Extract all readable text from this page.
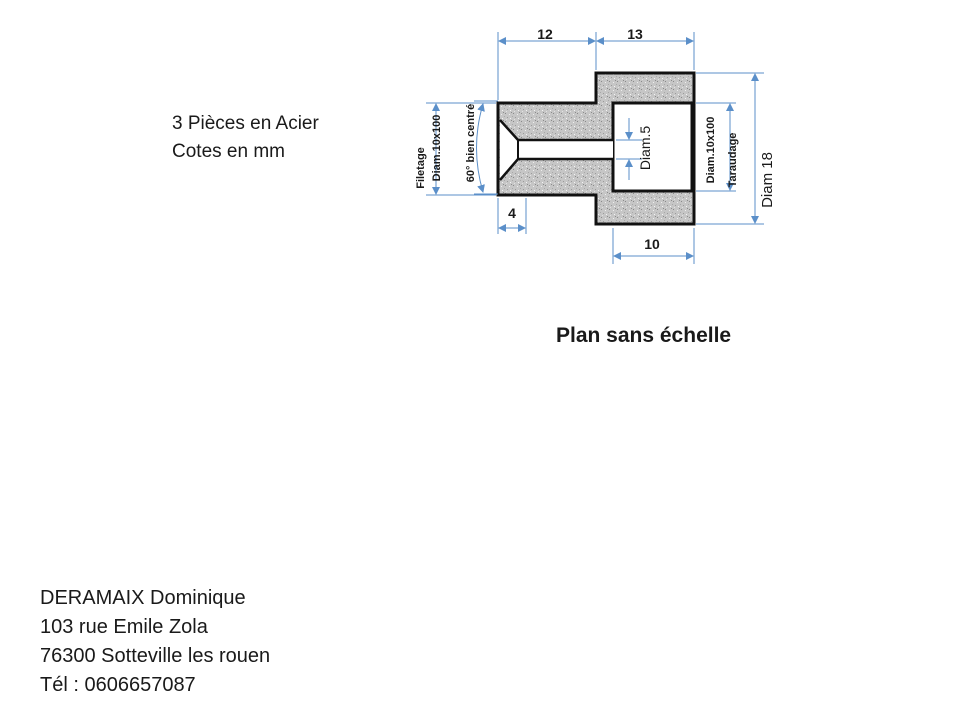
3 Pièces en Acier
Cotes en mm
12	13
4
10
Filetage Diam.10x100 60° bien centré	Diam.5	Diam.10x100 Taraudage Diam 18
Plan sans échelle
DERAMAIX Dominique
103 rue Emile Zola
76300 Sotteville les rouen
Tél : 0606657087
